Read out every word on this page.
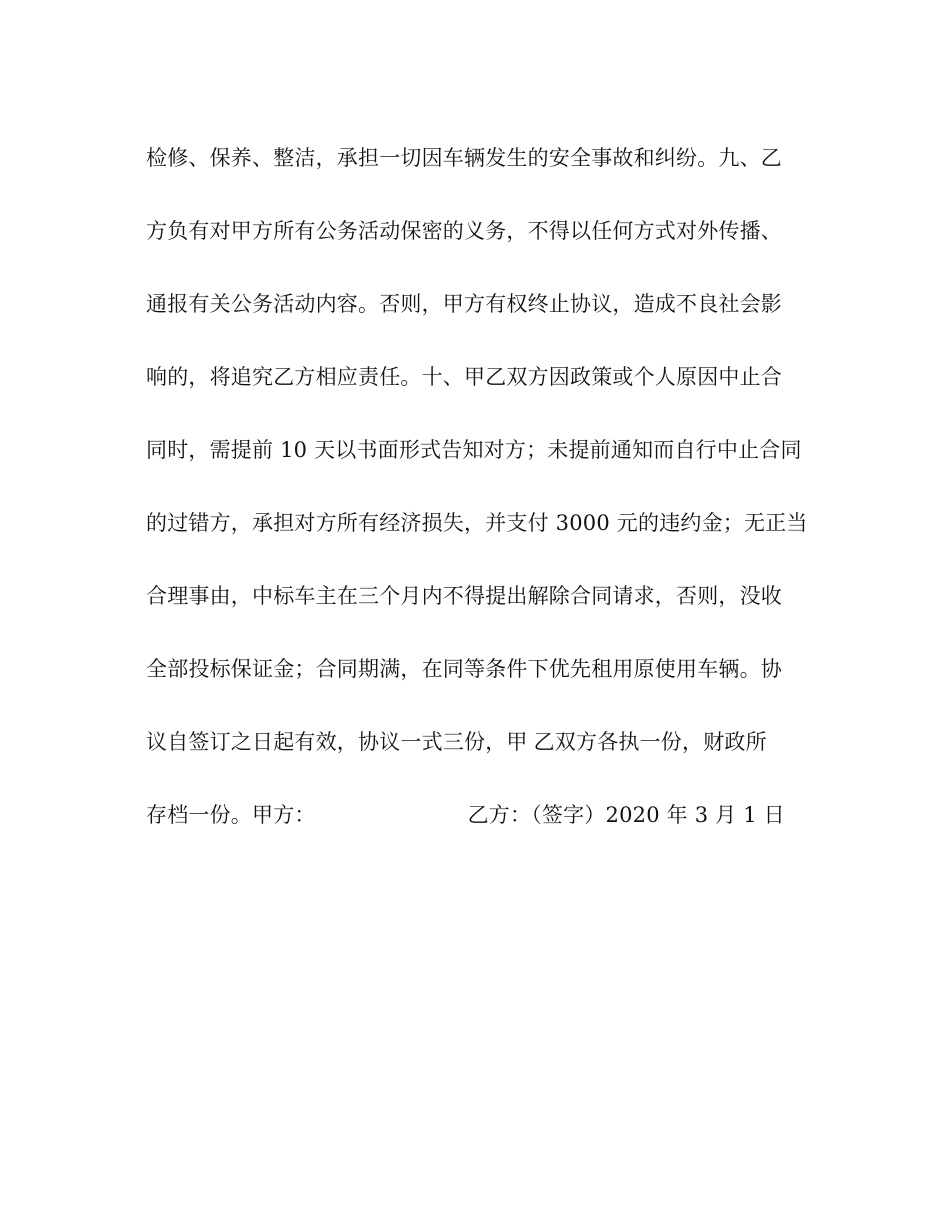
检修、保养、整洁，承担一切因车辆发生的安全事故和纠纷。九、乙
方负有对甲方所有公务活动保密的义务，不得以任何方式对外传播、
通报有关公务活动内容。否则，甲方有权终止协议，造成不良社会影
响的，将追究乙方相应责任。十、甲乙双方因政策或个人原因中止合
同时，需提前 10 天以书面形式告知对方；未提前通知而自行中止合同
的过错方，承担对方所有经济损失，并支付 3000 元的违约金；无正当
合理事由，中标车主在三个月内不得提出解除合同请求，否则，没收
全部投标保证金；合同期满，在同等条件下优先租用原使用车辆。协
议自签订之日起有效，协议一式三份，甲 乙双方各执一份，财政所
存档一份。甲方：	乙方：（签字）2020 年 3 月 1 日
